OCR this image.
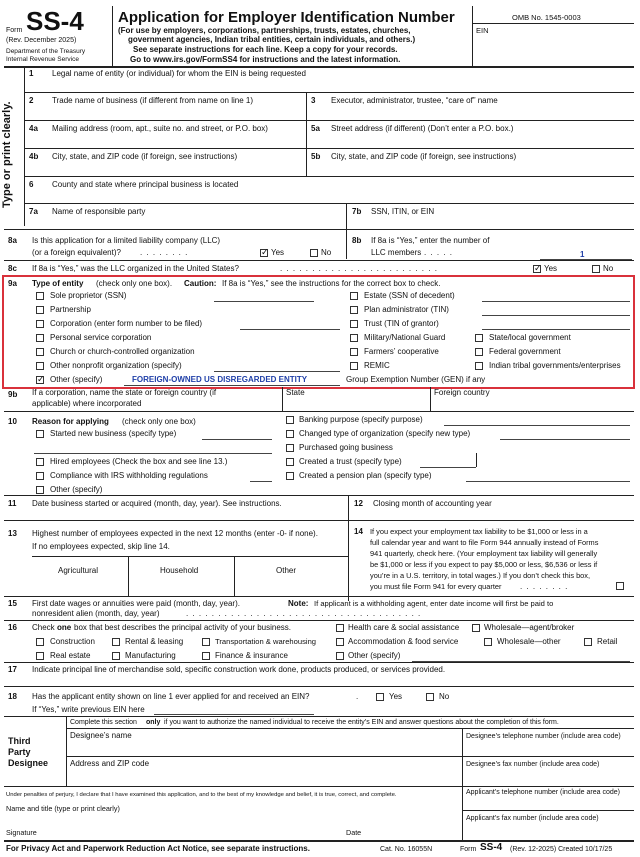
Form SS-4
(Rev. December 2025)
Department of the Treasury
Internal Revenue Service
Application for Employer Identification Number
(For use by employers, corporations, partnerships, trusts, estates, churches,
government agencies, Indian tribal entities, certain individuals, and others.)
See separate instructions for each line. Keep a copy for your records.
Go to www.irs.gov/FormSS4 for instructions and the latest information.
OMB No. 1545-0003
EIN
Type or print clearly.
1 Legal name of entity (or individual) for whom the EIN is being requested
2 Trade name of business (if different from name on line 1)	3 Executor, administrator, trustee, “care of” name
4a Mailing address (room, apt., suite no. and street, or P.O. box)	5a Street address (if different) (Don’t enter a P.O. box.)
4b City, state, and ZIP code (if foreign, see instructions)	5b City, state, and ZIP code (if foreign, see instructions)
6 County and state where principal business is located
7a Name of responsible party	7b SSN, ITIN, or EIN
8a Is this application for a limited liability company (LLC)
(or a foreign equivalent)? . . . . . . . . ✓	Yes	No
8b If 8a is “Yes,” enter the number of
LLC members . . . . .	1
8c If 8a is “Yes,” was the LLC organized in the United States?	. . . . . . . . . . . . . . . . . . . . . . . . . ✓	Yes	No
9a Type of entity (check only one box). Caution: If 8a is “Yes,” see the instructions for the correct box to check.
Sole proprietor (SSN)
Partnership
Corporation (enter form number to be filed)
Personal service corporation
Church or church-controlled organization
Other nonprofit organization (specify)
✓
Other (specify)	FOREIGN-OWNED US DISREGARDED ENTITY
Estate (SSN of decedent)
Plan administrator (TIN)
Trust (TIN of grantor)
Military/National Guard	State/local government
Farmers’ cooperative	Federal government
REMIC	Indian tribal governments/enterprises
Group Exemption Number (GEN) if any
9b If a corporation, name the state or foreign country (if
applicable) where incorporated
State	Foreign country
10 Reason for applying (check only one box)
Started new business (specify type)
Hired employees (Check the box and see line 13.)
Compliance with IRS withholding regulations
Other (specify)
Banking purpose (specify purpose)
Changed type of organization (specify new type)
Purchased going business
Created a trust (specify type)
Created a pension plan (specify type)
11 Date business started or acquired (month, day, year). See instructions.	12 Closing month of accounting year
13 Highest number of employees expected in the next 12 months (enter -0- if none).
If no employees expected, skip line 14.
Agricultural	Household	Other
14 If you expect your employment tax liability to be $1,000 or less in a
full calendar year and want to file Form 944 annually instead of Forms
941 quarterly, check here. (Your employment tax liability will generally
be $1,000 or less if you expect to pay $5,000 or less, $6,536 or less if
you’re in a U.S. territory, in total wages.) If you don’t check this box,
you must file Form 941 for every quarter . . . . . . . .
15 First date wages or annuities were paid (month, day, year).	Note: If applicant is a withholding agent, enter date income will first be paid to
nonresident alien (month, day, year)	. . . . . . . . . . . . . . . . . . . . . . . . . . . . . . . . . . . . .
16 Check one box that best describes the principal activity of your business.	Health care & social assistance	Wholesale—agent/broker
Construction	Rental & leasing	Transportation & warehousing	Accommodation & food service	Wholesale—other	Retail
Real estate	Manufacturing	Finance & insurance	Other (specify)
17 Indicate principal line of merchandise sold, specific construction work done, products produced, or services provided.
18 Has the applicant entity shown on line 1 ever applied for and received an EIN?	.	Yes	No
If “Yes,” write previous EIN here
Complete this section only if you want to authorize the named individual to receive the entity’s EIN and answer questions about the completion of this form.
Third
Party
Designee
Designee’s name	Designee’s telephone number (include area code)
Address and ZIP code	Designee’s fax number (include area code)
Under penalties of perjury, I declare that I have examined this application, and to the best of my knowledge and belief, it is true, correct, and complete.	Applicant’s telephone number (include area code)
Name and title (type or print clearly)
Applicant’s fax number (include area code)
Signature	Date
For Privacy Act and Paperwork Reduction Act Notice, see separate instructions.	Cat. No. 16055N	Form SS-4 (Rev. 12-2025) Created 10/17/25
